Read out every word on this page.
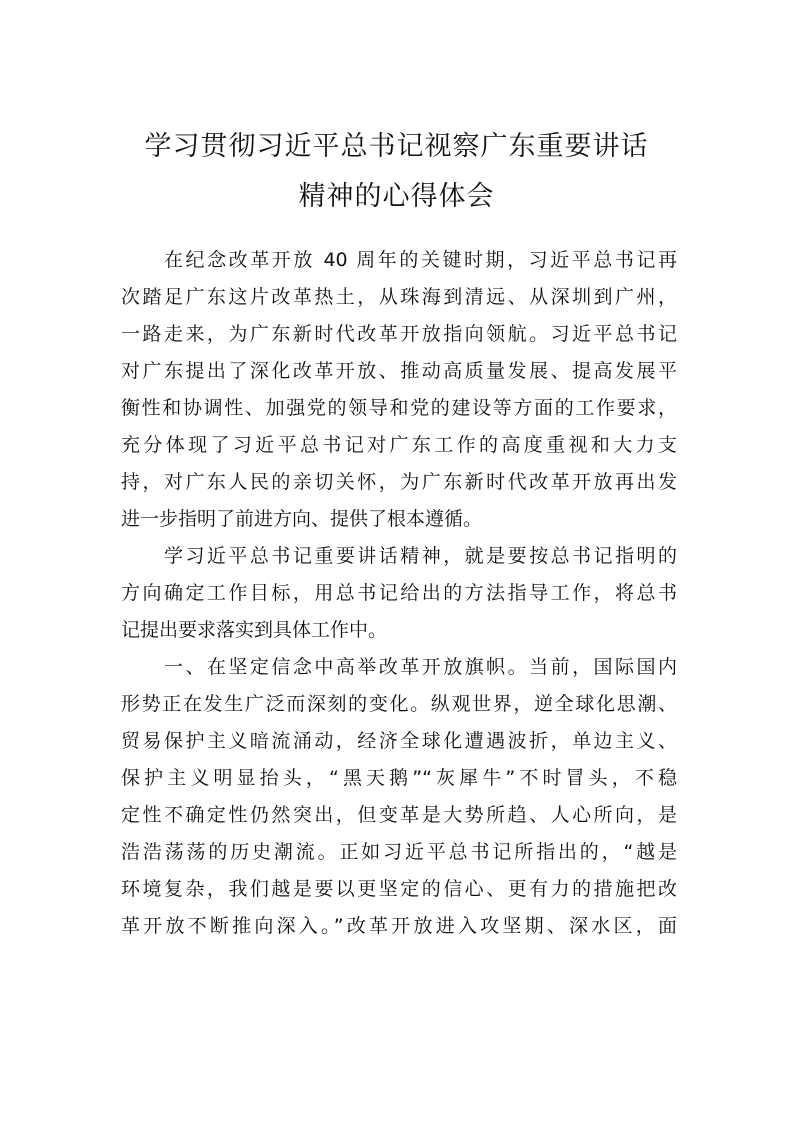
学习贯彻习近平总书记视察广东重要讲话
精神的心得体会
在纪念改革开放 40 周年的关键时期，习近平总书记再
次踏足广东这片改革热土，从珠海到清远、从深圳到广州，
一路走来，为广东新时代改革开放指向领航。习近平总书记
对广东提出了深化改革开放、推动高质量发展、提高发展平
衡性和协调性、加强党的领导和党的建设等方面的工作要求，
充分体现了习近平总书记对广东工作的高度重视和大力支
持，对广东人民的亲切关怀，为广东新时代改革开放再出发
进一步指明了前进方向、提供了根本遵循。
学习近平总书记重要讲话精神，就是要按总书记指明的
方向确定工作目标，用总书记给出的方法指导工作，将总书
记提出要求落实到具体工作中。
一、在坚定信念中高举改革开放旗帜。当前，国际国内
形势正在发生广泛而深刻的变化。纵观世界，逆全球化思潮、
贸易保护主义暗流涌动，经济全球化遭遇波折，单边主义、
保护主义明显抬头，“黑天鹅”“灰犀牛”不时冒头，不稳
定性不确定性仍然突出，但变革是大势所趋、人心所向，是
浩浩荡荡的历史潮流。正如习近平总书记所指出的，“越是
环境复杂，我们越是要以更坚定的信心、更有力的措施把改
革开放不断推向深入。”改革开放进入攻坚期、深水区，面
